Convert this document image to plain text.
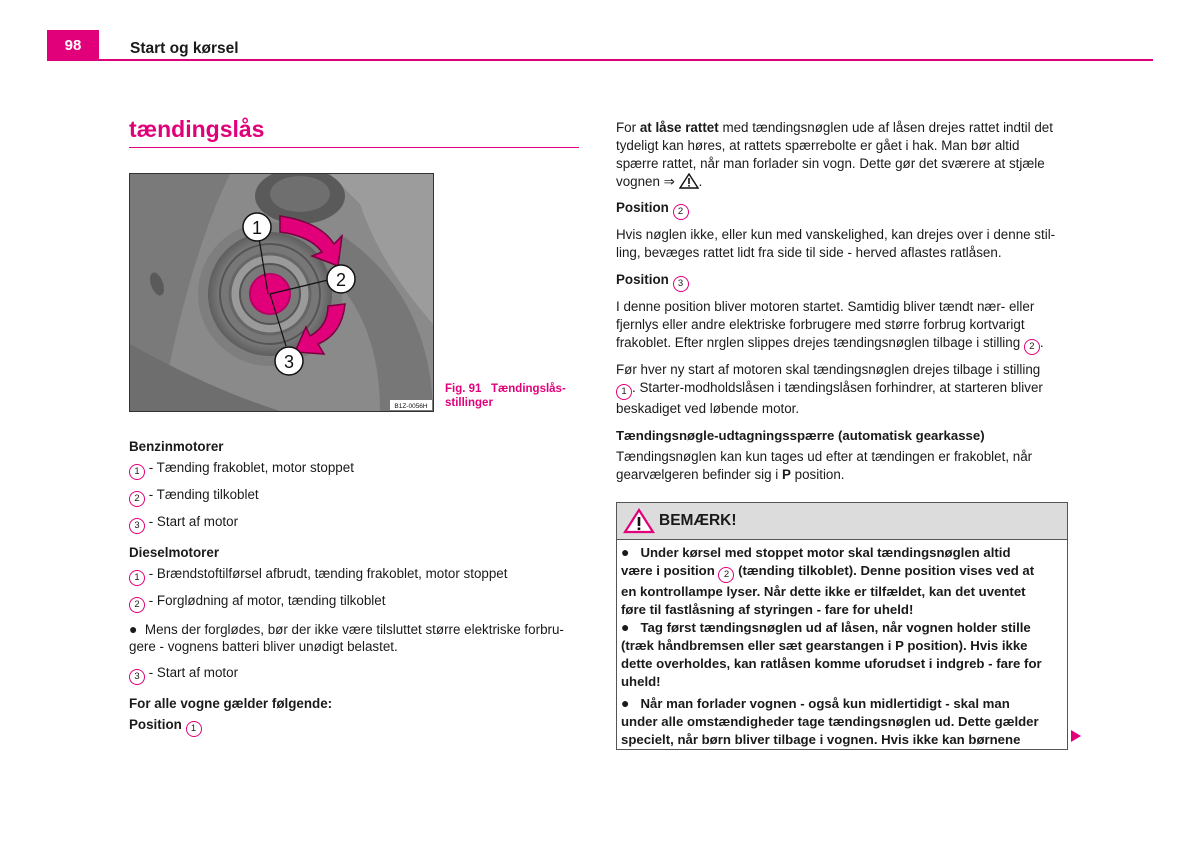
98	Start og kørsel
tændingslås
1
2
3
B1Z-0056H
Fig. 91 Tændingslås-stillinger
Benzinmotorer
1 - Tænding frakoblet, motor stoppet
2 - Tænding tilkoblet
3 - Start af motor
Dieselmotorer
1 - Brændstoftilførsel afbrudt, tænding frakoblet, motor stoppet
2 - Forglødning af motor, tænding tilkoblet
● Mens der forglødes, bør der ikke være tilsluttet større elektriske forbru-
gere - vognens batteri bliver unødigt belastet.
3 - Start af motor
For alle vogne gælder følgende:
Position 1
For at låse rattet med tændingsnøglen ude af låsen drejes rattet indtil det
tydeligt kan høres, at rattets spærrebolte er gået i hak. Man bør altid
spærre rattet, når man forlader sin vogn. Dette gør det sværere at stjæle
vognen ⇒ .
Position 2
Hvis nøglen ikke, eller kun med vanskelighed, kan drejes over i denne stil-
ling, bevæges rattet lidt fra side til side - herved aflastes ratlåsen.
Position 3
I denne position bliver motoren startet. Samtidig bliver tændt nær- eller
fjernlys eller andre elektriske forbrugere med større forbrug kortvarigt
frakoblet. Efter nrglen slippes drejes tændingsnøglen tilbage i stilling 2 .
Før hver ny start af motoren skal tændingsnøglen drejes tilbage i stilling
1 . Starter-modholdslåsen i tændingslåsen forhindrer, at starteren bliver
beskadiget ved løbende motor.
Tændingsnøgle-udtagningsspærre (automatisk gearkasse)
Tændingsnøglen kan kun tages ud efter at tændingen er frakoblet, når
gearvælgeren befinder sig i P position.
BEMÆRK!
● Under kørsel med stoppet motor skal tændingsnøglen altid
være i position 2 (tænding tilkoblet). Denne position vises ved at
en kontrollampe lyser. Når dette ikke er tilfældet, kan det uventet
føre til fastlåsning af styringen - fare for uheld!
● Tag først tændingsnøglen ud af låsen, når vognen holder stille
(træk håndbremsen eller sæt gearstangen i P position). Hvis ikke
dette overholdes, kan ratlåsen komme uforudset i indgreb - fare for
uheld!
● Når man forlader vognen - også kun midlertidigt - skal man
under alle omstændigheder tage tændingsnøglen ud. Dette gælder
specielt, når børn bliver tilbage i vognen. Hvis ikke kan børnene
